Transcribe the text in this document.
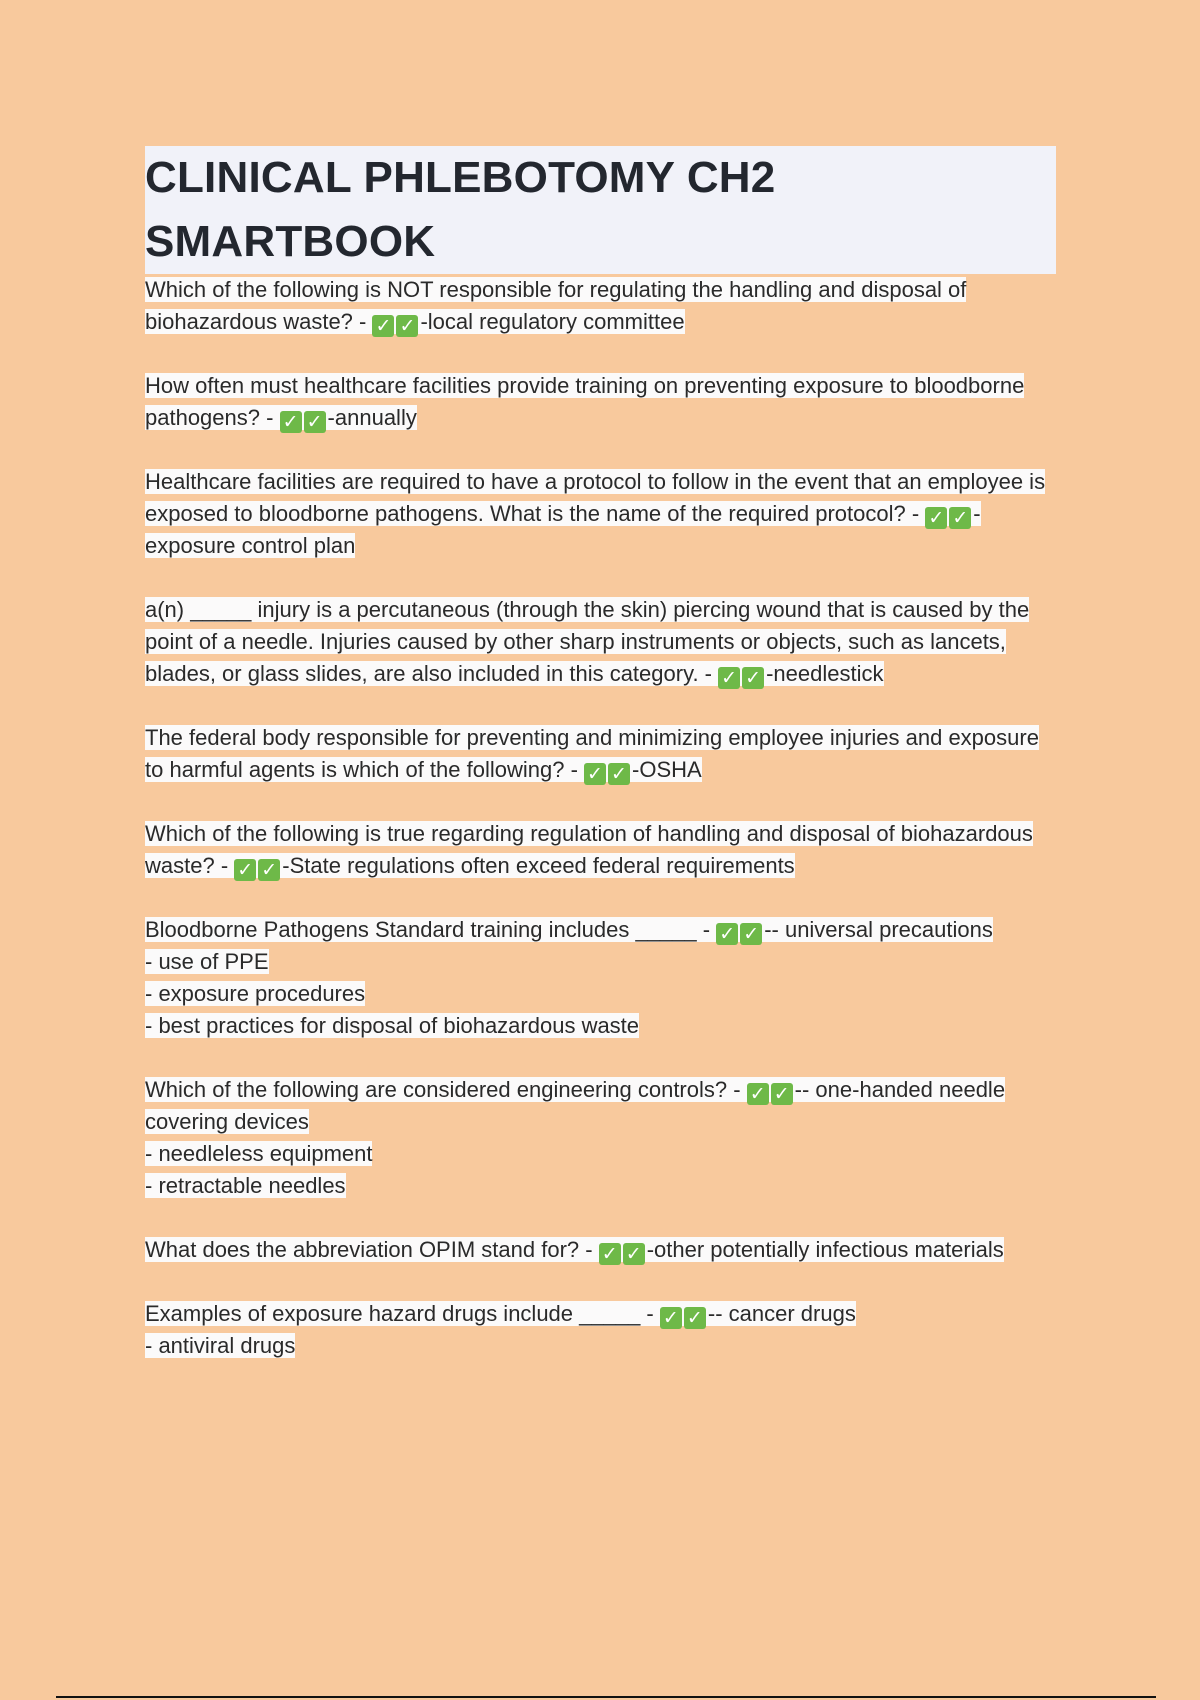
CLINICAL PHLEBOTOMY CH2
SMARTBOOK

Which of the following is NOT responsible for regulating the handling and disposal of biohazardous waste? - ✓ ✓ -local regulatory committee

How often must healthcare facilities provide training on preventing exposure to bloodborne pathogens? - ✓ ✓ -annually

Healthcare facilities are required to have a protocol to follow in the event that an employee is exposed to bloodborne pathogens. What is the name of the required protocol? - ✓ ✓ -exposure control plan

a(n) _____ injury is a percutaneous (through the skin) piercing wound that is caused by the point of a needle. Injuries caused by other sharp instruments or objects, such as lancets, blades, or glass slides, are also included in this category. - ✓ ✓ -needlestick

The federal body responsible for preventing and minimizing employee injuries and exposure to harmful agents is which of the following? - ✓ ✓ -OSHA

Which of the following is true regarding regulation of handling and disposal of biohazardous waste? - ✓ ✓ -State regulations often exceed federal requirements

Bloodborne Pathogens Standard training includes _____ - ✓ ✓ -- universal precautions
- use of PPE
- exposure procedures
- best practices for disposal of biohazardous waste

Which of the following are considered engineering controls? - ✓ ✓ -- one-handed needle covering devices
- needleless equipment
- retractable needles

What does the abbreviation OPIM stand for? - ✓ ✓ -other potentially infectious materials

Examples of exposure hazard drugs include _____ - ✓ ✓ -- cancer drugs
- antiviral drugs
